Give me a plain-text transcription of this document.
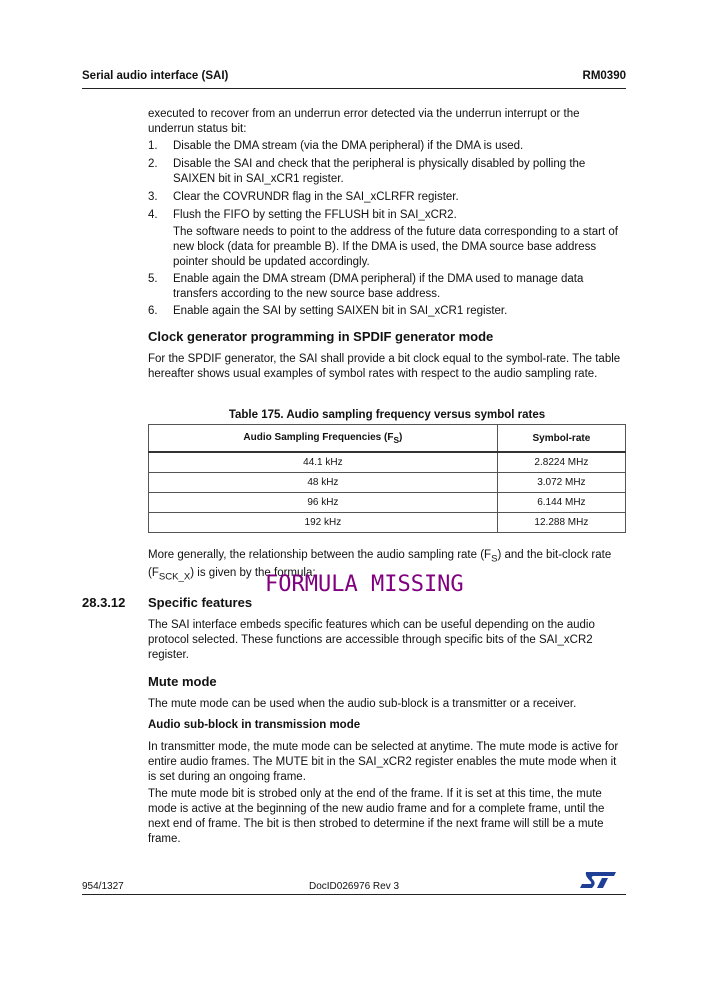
Serial audio interface (SAI)	RM0390

executed to recover from an underrun error detected via the underrun interrupt or the underrun status bit:

1. Disable the DMA stream (via the DMA peripheral) if the DMA is used.
2. Disable the SAI and check that the peripheral is physically disabled by polling the SAIXEN bit in SAI_xCR1 register.
3. Clear the COVRUNDR flag in the SAI_xCLRFR register.
4. Flush the FIFO by setting the FFLUSH bit in SAI_xCR2.
The software needs to point to the address of the future data corresponding to a start of new block (data for preamble B). If the DMA is used, the DMA source base address pointer should be updated accordingly.
5. Enable again the DMA stream (DMA peripheral) if the DMA used to manage data transfers according to the new source base address.
6. Enable again the SAI by setting SAIXEN bit in SAI_xCR1 register.
Clock generator programming in SPDIF generator mode

For the SPDIF generator, the SAI shall provide a bit clock equal to the symbol-rate. The table hereafter shows usual examples of symbol rates with respect to the audio sampling rate.

Table 175. Audio sampling frequency versus symbol rates
Audio Sampling Frequencies $(F_S)$	Symbol-rate
44.1 kHz	2.8224 MHz
48 kHz	3.072 MHz
96 kHz	6.144 MHz
192 kHz	12.288 MHz

More generally, the relationship between the audio sampling rate $(F_S)$ and the bit-clock rate
$(F_{SCK\_X})$ is given by the formula:

FORMULA MISSING
28.3.12 Specific features

The SAI interface embeds specific features which can be useful depending on the audio protocol selected. These functions are accessible through specific bits of the SAI_xCR2 register.

Mute mode

The mute mode can be used when the audio sub-block is a transmitter or a receiver.

Audio sub-block in transmission mode

In transmitter mode, the mute mode can be selected at anytime. The mute mode is active for entire audio frames. The MUTE bit in the SAI_xCR2 register enables the mute mode when it is set during an ongoing frame.

The mute mode bit is strobed only at the end of the frame. If it is set at this time, the mute mode is active at the beginning of the new audio frame and for a complete frame, until the next end of frame. The bit is then strobed to determine if the next frame will still be a mute frame.

954/1327	DocID026976 Rev 3
